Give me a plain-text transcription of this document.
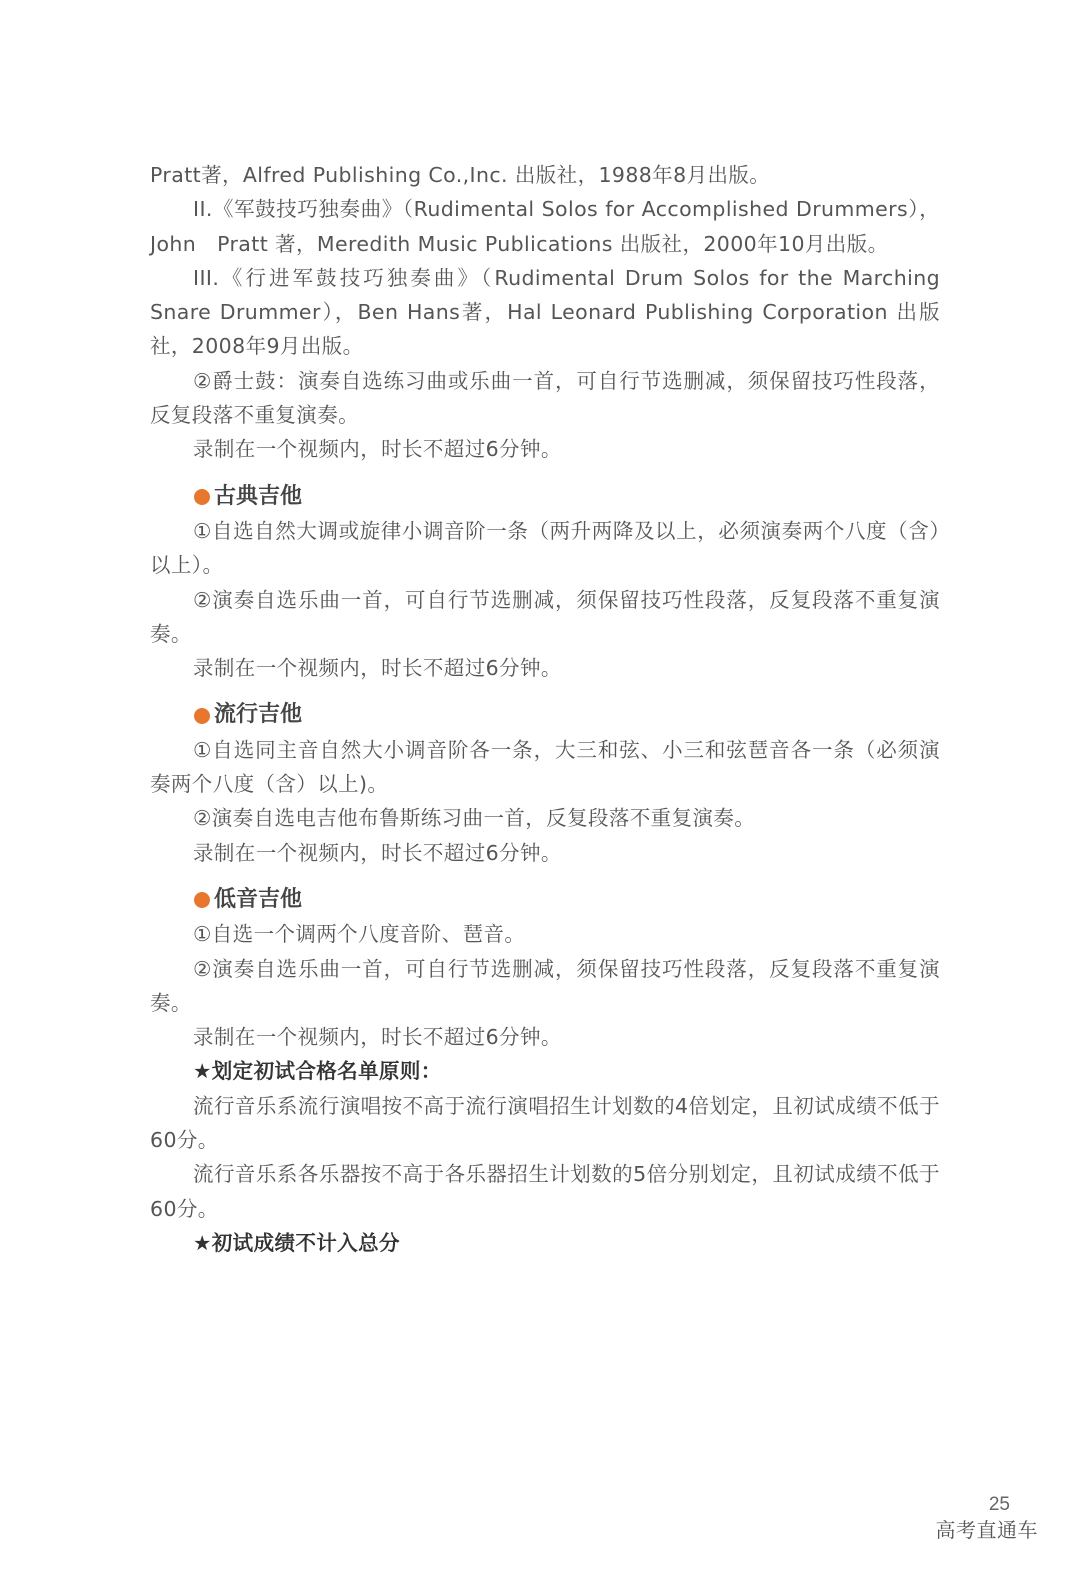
Pratt著，Alfred Publishing Co.,Inc. 出版社，1988年8月出版。

II.《军鼓技巧独奏曲》（Rudimental Solos for Accomplished Drummers），John　Pratt 著，Meredith Music Publications 出版社，2000年10月出版。

III.《行进军鼓技巧独奏曲》（Rudimental Drum Solos for the Marching Snare Drummer），Ben Hans著，Hal Leonard Publishing Corporation 出版社，2008年9月出版。

②爵士鼓：演奏自选练习曲或乐曲一首，可自行节选删减，须保留技巧性段落，反复段落不重复演奏。

录制在一个视频内，时长不超过6分钟。

古典吉他

①自选自然大调或旋律小调音阶一条（两升两降及以上，必须演奏两个八度（含）以上）。

②演奏自选乐曲一首，可自行节选删减，须保留技巧性段落，反复段落不重复演奏。

录制在一个视频内，时长不超过6分钟。

流行吉他

①自选同主音自然大小调音阶各一条，大三和弦、小三和弦琶音各一条（必须演奏两个八度（含）以上)。

②演奏自选电吉他布鲁斯练习曲一首，反复段落不重复演奏。

录制在一个视频内，时长不超过6分钟。

低音吉他

①自选一个调两个八度音阶、琶音。

②演奏自选乐曲一首，可自行节选删减，须保留技巧性段落，反复段落不重复演奏。

录制在一个视频内，时长不超过6分钟。

★划定初试合格名单原则：

流行音乐系流行演唱按不高于流行演唱招生计划数的4倍划定，且初试成绩不低于60分。

流行音乐系各乐器按不高于各乐器招生计划数的5倍分别划定，且初试成绩不低于60分。

★初试成绩不计入总分

25
高考直通车
